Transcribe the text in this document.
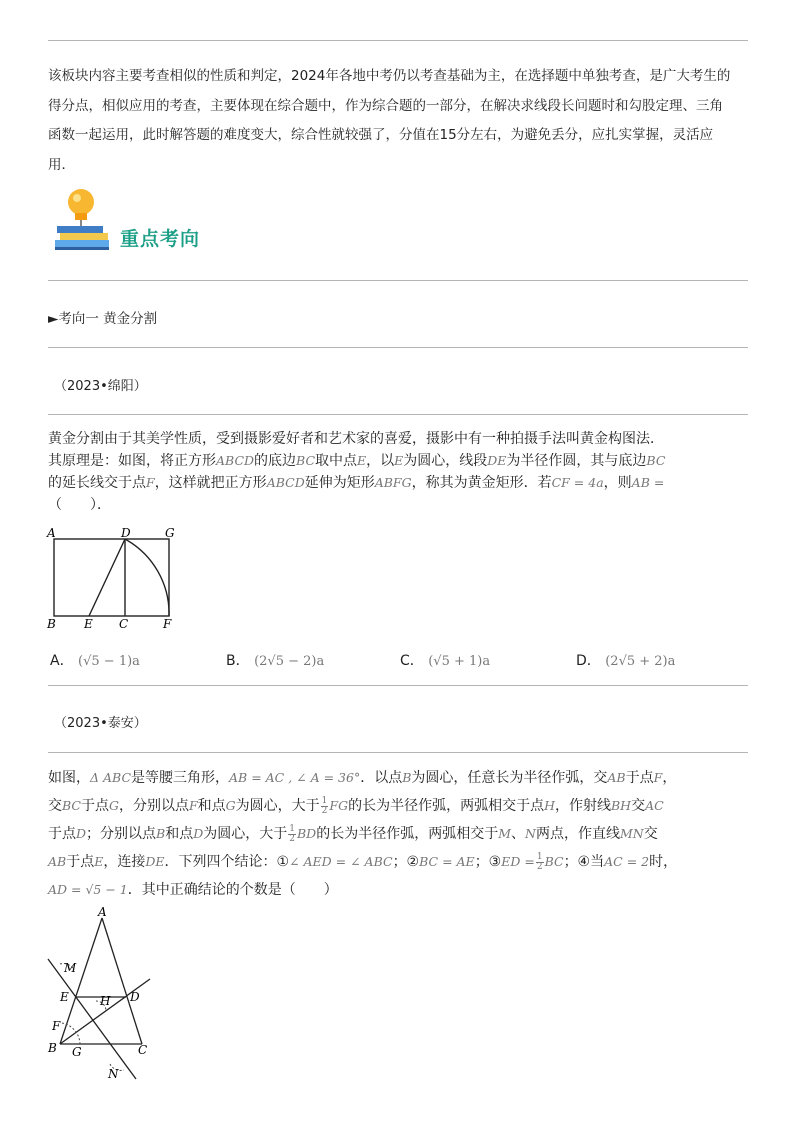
该板块内容主要考查相似的性质和判定，2024年各地中考仍以考查基础为主，在选择题中单独考查，是广大考生的
得分点，相似应用的考查，主要体现在综合题中，作为综合题的一部分，在解决求线段长问题时和勾股定理、三角
函数一起运用，此时解答题的难度变大，综合性就较强了，分值在15分左右，为避免丢分，应扎实掌握，灵活应
用．
重点考向
►考向一 黄金分割
（2023•绵阳）
黄金分割由于其美学性质，受到摄影爱好者和艺术家的喜爱，摄影中有一种拍摄手法叫黄金构图法．
其原理是：如图，将正方形ABCD的底边BC取中点E，以E为圆心，线段DE为半径作圆，其与底边BC
的延长线交于点F，这样就把正方形ABCD延伸为矩形ABFG，称其为黄金矩形．若CF = 4a，则AB =
（　　）．
A	D	G
B E C	F
A． (√5 − 1)a	B． (2√5 − 2)a	C． (√5 + 1)a	D． (2√5 + 2)a
（2023•泰安）
如图，Δ ABC是等腰三角形，AB = AC , ∠ A = 36°．以点B为圆心，任意长为半径作弧，交AB于点F，
交BC于点G，分别以点F和点G为圆心，大于 $\frac{1}{2}$ FG的长为半径作弧，两弧相交于点H，作射线BH交AC
于点D；分别以点B和点D为圆心，大于 $\frac{1}{2}$ BD的长为半径作弧，两弧相交于M、N两点，作直线MN交
AB于点E，连接DE．下列四个结论：①∠ AED = ∠ ABC；②BC = AE；③ED = $\frac{1}{2}$ BC；④当AC = 2时，
AD = √5 − 1．其中正确结论的个数是（　　）
A
M
E	H D
F
B G	C
N
